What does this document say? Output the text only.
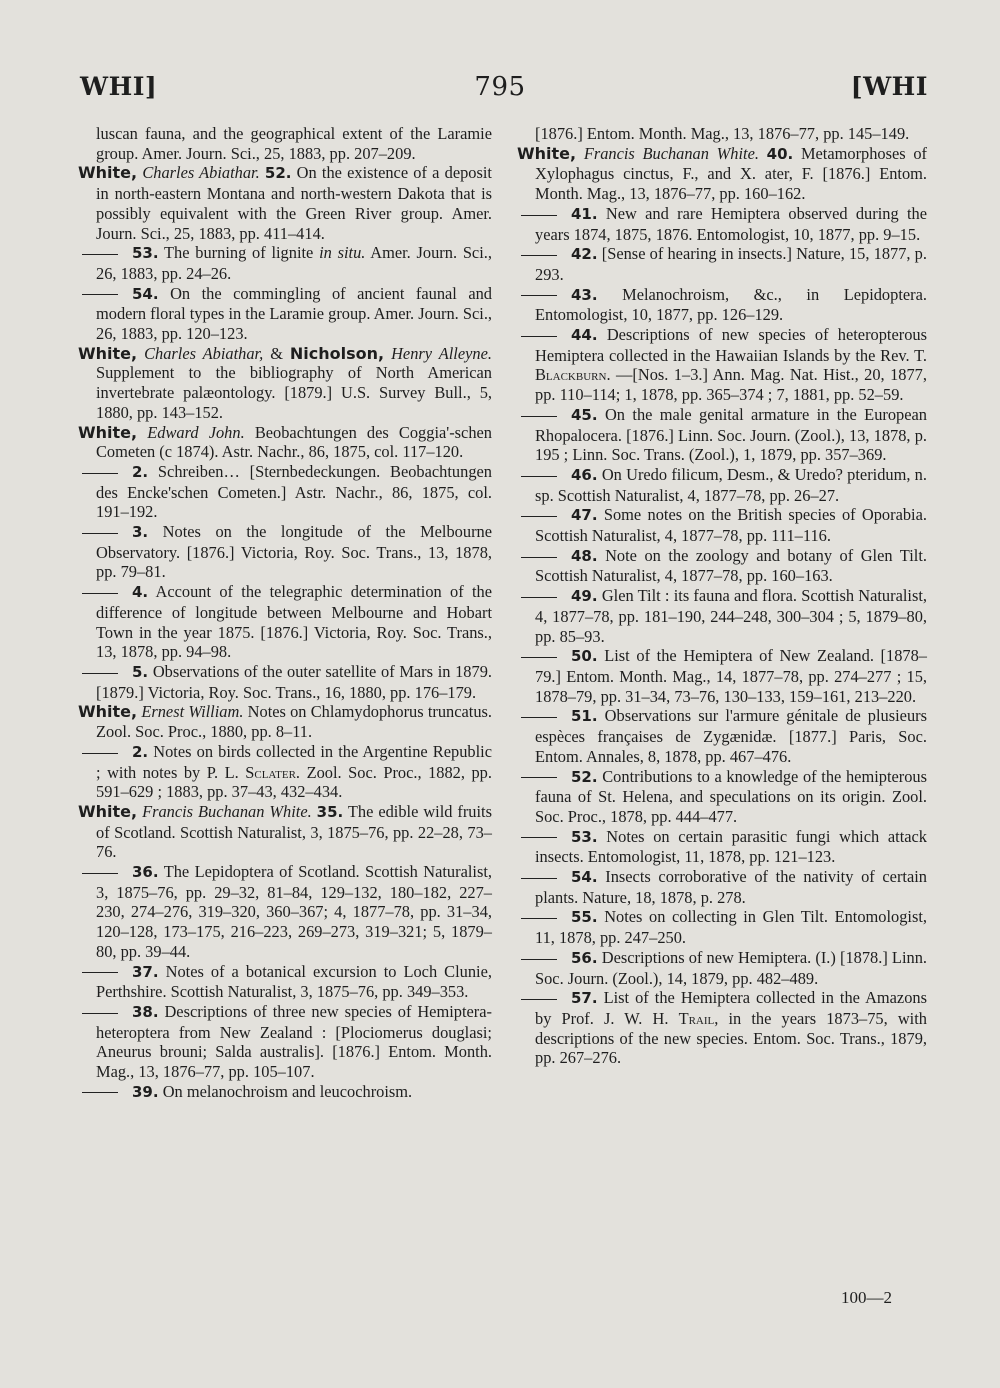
WHI]	795	[WHI

luscan fauna, and the geographical extent of the Laramie group. Amer. Journ. Sci., 25, 1883, pp. 207–209.

White, Charles Abiathar. 52. On the existence of a deposit in north-eastern Montana and north-western Dakota that is possibly equivalent with the Green River group. Amer. Journ. Sci., 25, 1883, pp. 411–414.

53. The burning of lignite in situ. Amer. Journ. Sci., 26, 1883, pp. 24–26.

54. On the commingling of ancient faunal and modern floral types in the Laramie group. Amer. Journ. Sci., 26, 1883, pp. 120–123.

White, Charles Abiathar, & Nicholson, Henry Alleyne. Supplement to the bibliography of North American invertebrate palæontology. [1879.] U.S. Survey Bull., 5, 1880, pp. 143–152.

White, Edward John. Beobachtungen des Coggia'-schen Cometen (c 1874). Astr. Nachr., 86, 1875, col. 117–120.

2. Schreiben… [Sternbedeckungen. Beobachtungen des Encke'schen Cometen.] Astr. Nachr., 86, 1875, col. 191–192.

3. Notes on the longitude of the Melbourne Observatory. [1876.] Victoria, Roy. Soc. Trans., 13, 1878, pp. 79–81.

4. Account of the telegraphic determination of the difference of longitude between Melbourne and Hobart Town in the year 1875. [1876.] Victoria, Roy. Soc. Trans., 13, 1878, pp. 94–98.

5. Observations of the outer satellite of Mars in 1879. [1879.] Victoria, Roy. Soc. Trans., 16, 1880, pp. 176–179.

White, Ernest William. Notes on Chlamydophorus truncatus. Zool. Soc. Proc., 1880, pp. 8–11.

2. Notes on birds collected in the Argentine Republic ; with notes by P. L. Sclater. Zool. Soc. Proc., 1882, pp. 591–629 ; 1883, pp. 37–43, 432–434.

White, Francis Buchanan White. 35. The edible wild fruits of Scotland. Scottish Naturalist, 3, 1875–76, pp. 22–28, 73–76.

36. The Lepidoptera of Scotland. Scottish Naturalist, 3, 1875–76, pp. 29–32, 81–84, 129–132, 180–182, 227–230, 274–276, 319–320, 360–367; 4, 1877–78, pp. 31–34, 120–128, 173–175, 216–223, 269–273, 319–321; 5, 1879–80, pp. 39–44.

37. Notes of a botanical excursion to Loch Clunie, Perthshire. Scottish Naturalist, 3, 1875–76, pp. 349–353.

38. Descriptions of three new species of Hemiptera-heteroptera from New Zealand : [Plociomerus douglasi; Aneurus brouni; Salda australis]. [1876.] Entom. Month. Mag., 13, 1876–77, pp. 105–107.

39. On melanochroism and leucochroism.

[1876.] Entom. Month. Mag., 13, 1876–77, pp. 145–149.

White, Francis Buchanan White. 40. Metamorphoses of Xylophagus cinctus, F., and X. ater, F. [1876.] Entom. Month. Mag., 13, 1876–77, pp. 160–162.

41. New and rare Hemiptera observed during the years 1874, 1875, 1876. Entomologist, 10, 1877, pp. 9–15.

42. [Sense of hearing in insects.] Nature, 15, 1877, p. 293.

43. Melanochroism, &c., in Lepidoptera. Entomologist, 10, 1877, pp. 126–129.

44. Descriptions of new species of heteropterous Hemiptera collected in the Hawaiian Islands by the Rev. T. Blackburn. —[Nos. 1–3.] Ann. Mag. Nat. Hist., 20, 1877, pp. 110–114; 1, 1878, pp. 365–374 ; 7, 1881, pp. 52–59.

45. On the male genital armature in the European Rhopalocera. [1876.] Linn. Soc. Journ. (Zool.), 13, 1878, p. 195 ; Linn. Soc. Trans. (Zool.), 1, 1879, pp. 357–369.

46. On Uredo filicum, Desm., & Uredo? pteridum, n. sp. Scottish Naturalist, 4, 1877–78, pp. 26–27.

47. Some notes on the British species of Oporabia. Scottish Naturalist, 4, 1877–78, pp. 111–116.

48. Note on the zoology and botany of Glen Tilt. Scottish Naturalist, 4, 1877–78, pp. 160–163.

49. Glen Tilt : its fauna and flora. Scottish Naturalist, 4, 1877–78, pp. 181–190, 244–248, 300–304 ; 5, 1879–80, pp. 85–93.

50. List of the Hemiptera of New Zealand. [1878–79.] Entom. Month. Mag., 14, 1877–78, pp. 274–277 ; 15, 1878–79, pp. 31–34, 73–76, 130–133, 159–161, 213–220.

51. Observations sur l'armure génitale de plusieurs espèces françaises de Zygænidæ. [1877.] Paris, Soc. Entom. Annales, 8, 1878, pp. 467–476.

52. Contributions to a knowledge of the hemipterous fauna of St. Helena, and speculations on its origin. Zool. Soc. Proc., 1878, pp. 444–477.

53. Notes on certain parasitic fungi which attack insects. Entomologist, 11, 1878, pp. 121–123.

54. Insects corroborative of the nativity of certain plants. Nature, 18, 1878, p. 278.

55. Notes on collecting in Glen Tilt. Entomologist, 11, 1878, pp. 247–250.

56. Descriptions of new Hemiptera. (I.) [1878.] Linn. Soc. Journ. (Zool.), 14, 1879, pp. 482–489.

57. List of the Hemiptera collected in the Amazons by Prof. J. W. H. Trail, in the years 1873–75, with descriptions of the new species. Entom. Soc. Trans., 1879, pp. 267–276.

100—2
